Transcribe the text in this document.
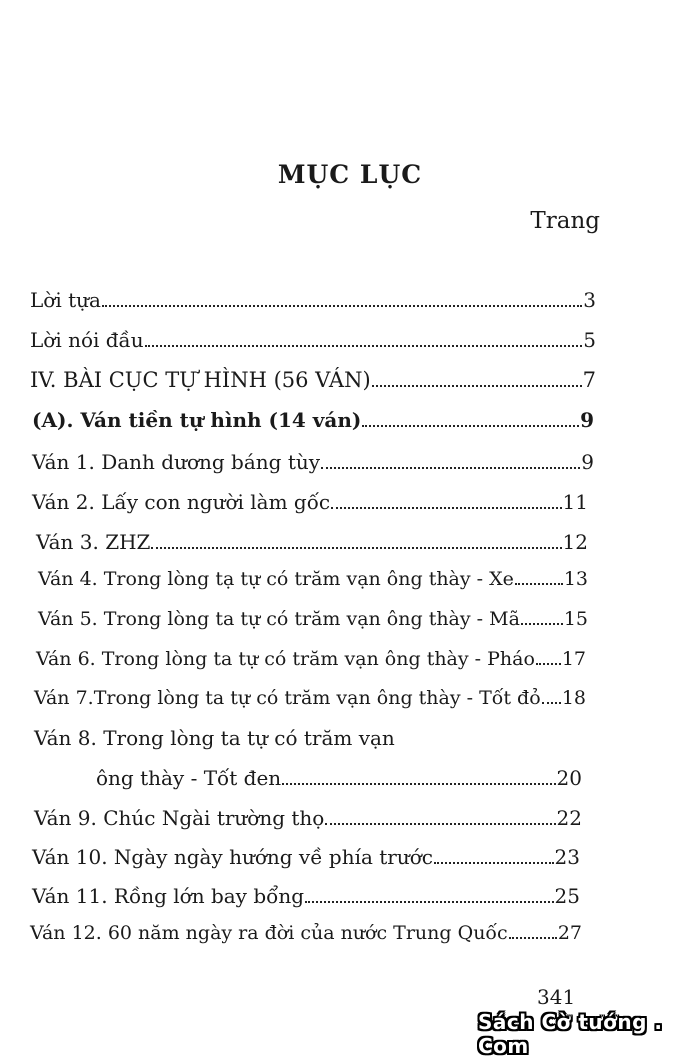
MỤC LỤC
Trang
Lời tựa	3
Lời nói đầu	5
IV. BÀI CỤC TỰ HÌNH (56 VÁN)	7
(A). Ván tiền tự hình (14 ván)	9
Ván 1. Danh dương báng tùy	9
Ván 2. Lấy con người làm gốc	11
Ván 3. ZHZ	12
Ván 4. Trong lòng tạ tự có trăm vạn ông thày - Xe	13
Ván 5. Trong lòng ta tự có trăm vạn ông thày - Mã 15
Ván 6. Trong lòng ta tự có trăm vạn ông thày - Pháo 17
Ván 7.Trong lòng ta tự có trăm vạn ông thày - Tốt đỏ 18
Ván 8. Trong lòng ta tự có trăm vạn
ông thày - Tốt đen	20
Ván 9. Chúc Ngài trường thọ	22
Ván 10. Ngày ngày hướng về phía trước	23
Ván 11. Rồng lớn bay bổng	25
Ván 12. 60 năm ngày ra đời của nước Trung Quốc	27
341
Sách Cờ tướng . Com
